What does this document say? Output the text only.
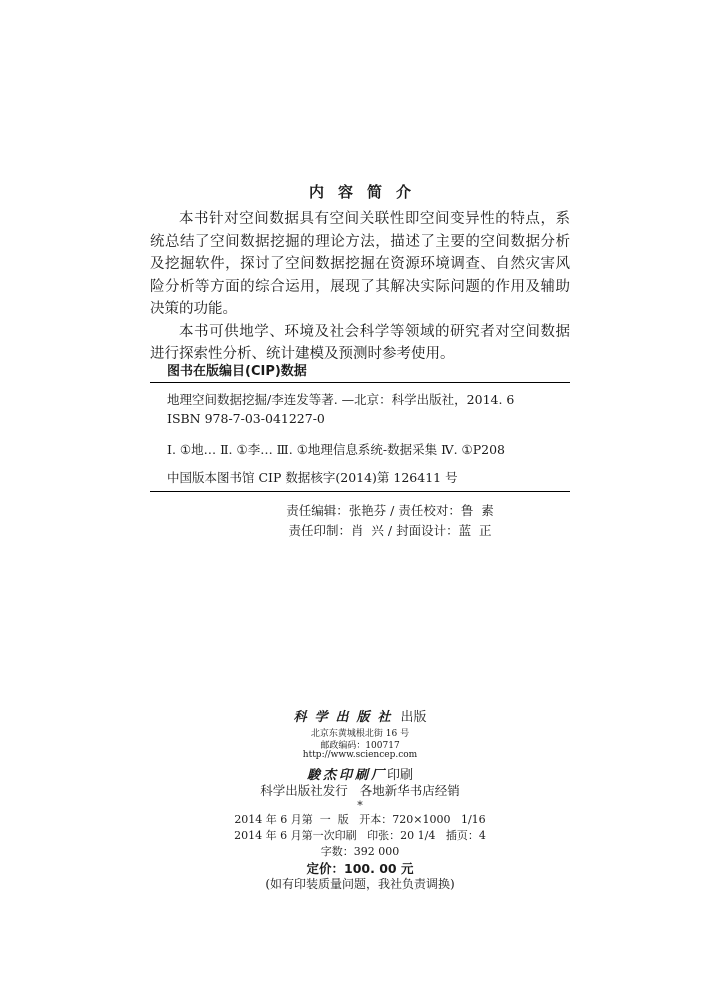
内容简介

本书针对空间数据具有空间关联性即空间变异性的特点，系统总结了空间数据挖掘的理论方法，描述了主要的空间数据分析及挖掘软件，探讨了空间数据挖掘在资源环境调查、自然灾害风险分析等方面的综合运用，展现了其解决实际问题的作用及辅助决策的功能。

本书可供地学、环境及社会科学等领域的研究者对空间数据进行探索性分析、统计建模及预测时参考使用。

图书在版编目(CIP)数据
地理空间数据挖掘/李连发等著. —北京：科学出版社，2014. 6
ISBN 978-7-03-041227-0
Ⅰ. ①地… Ⅱ. ①李… Ⅲ. ①地理信息系统-数据采集 Ⅳ. ①P208
中国版本图书馆 CIP 数据核字(2014)第 126411 号
责任编辑：张艳芬 / 责任校对：鲁  素
责任印制：肖  兴 / 封面设计：蓝  正
科学出版社 出版
北京东黄城根北街 16 号
邮政编码：100717
http://www.sciencep.com
駿杰印刷厂印刷
科学出版社发行   各地新华书店经销
*
2014 年 6 月第  一  版   开本：720×1000   1/16
2014 年 6 月第一次印刷   印张：20 1/4   插页：4
字数：392 000
定价：100. 00 元
(如有印装质量问题，我社负责调换)
